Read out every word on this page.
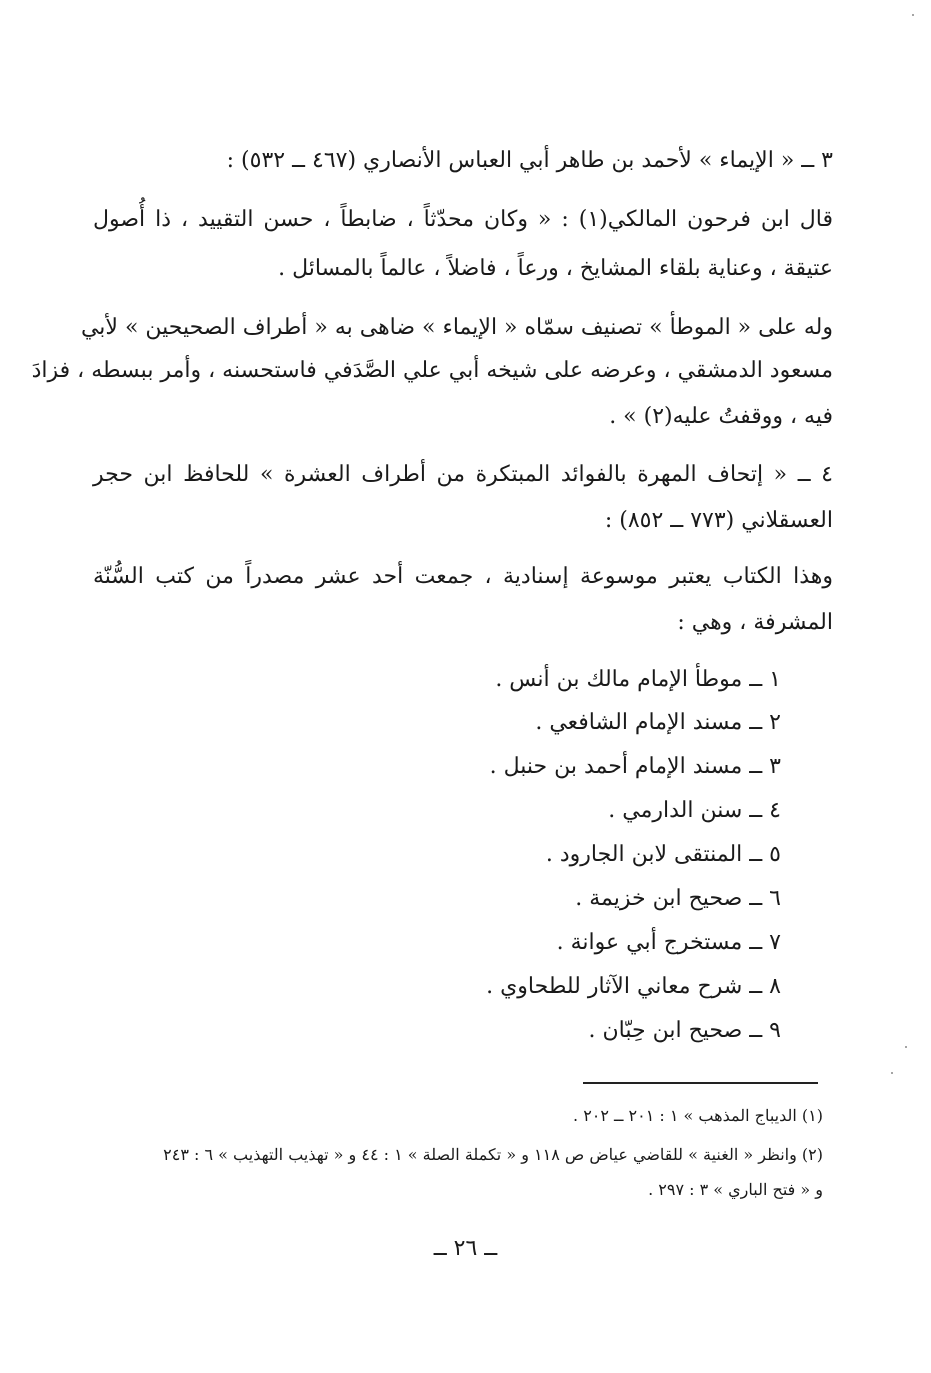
٣ ــ « الإيماء » لأحمد بن طاهر أبي العباس الأنصاري (٤٦٧ ــ ٥٣٢) :
قال ابن فرحون المالكي(١) : « وكان محدّثاً ، ضابطاً ، حسن التقييد ، ذا أُصول
عتيقة ، وعناية بلقاء المشايخ ، ورعاً ، فاضلاً ، عالماً بالمسائل .
وله على « الموطأ » تصنيف سمّاه « الإيماء » ضاهى به « أطراف الصحيحين » لأبي
مسعود الدمشقي ، وعرضه على شيخه أبي علي الصَّدَفي فاستحسنه ، وأمر ببسطه ، فزادَ
فيه ، ووقفتُ عليه(٢) » .
٤ ــ « إتحاف المهرة بالفوائد المبتكرة من أطراف العشرة » للحافظ ابن حجر
العسقلاني (٧٧٣ ــ ٨٥٢) :
وهذا الكتاب يعتبر موسوعة إسنادية ، جمعت أحد عشر مصدراً من كتب السُّنّة
المشرفة ، وهي :
١ ــ موطأ الإمام مالك بن أنس .
٢ ــ مسند الإمام الشافعي .
٣ ــ مسند الإمام أحمد بن حنبل .
٤ ــ سنن الدارمي .
٥ ــ المنتقى لابن الجارود .
٦ ــ صحيح ابن خزيمة .
٧ ــ مستخرج أبي عوانة .
٨ ــ شرح معاني الآثار للطحاوي .
٩ ــ صحيح ابن حِبّان .
(١) الديباج المذهب » ١ : ٢٠١ ــ ٢٠٢ .
(٢) وانظر « الغنية » للقاضي عياض ص ١١٨ و « تكملة الصلة » ١ : ٤٤ و « تهذيب التهذيب » ٦ : ٢٤٣
و « فتح الباري » ٣ : ٢٩٧ .
ــ ٢٦ ــ
